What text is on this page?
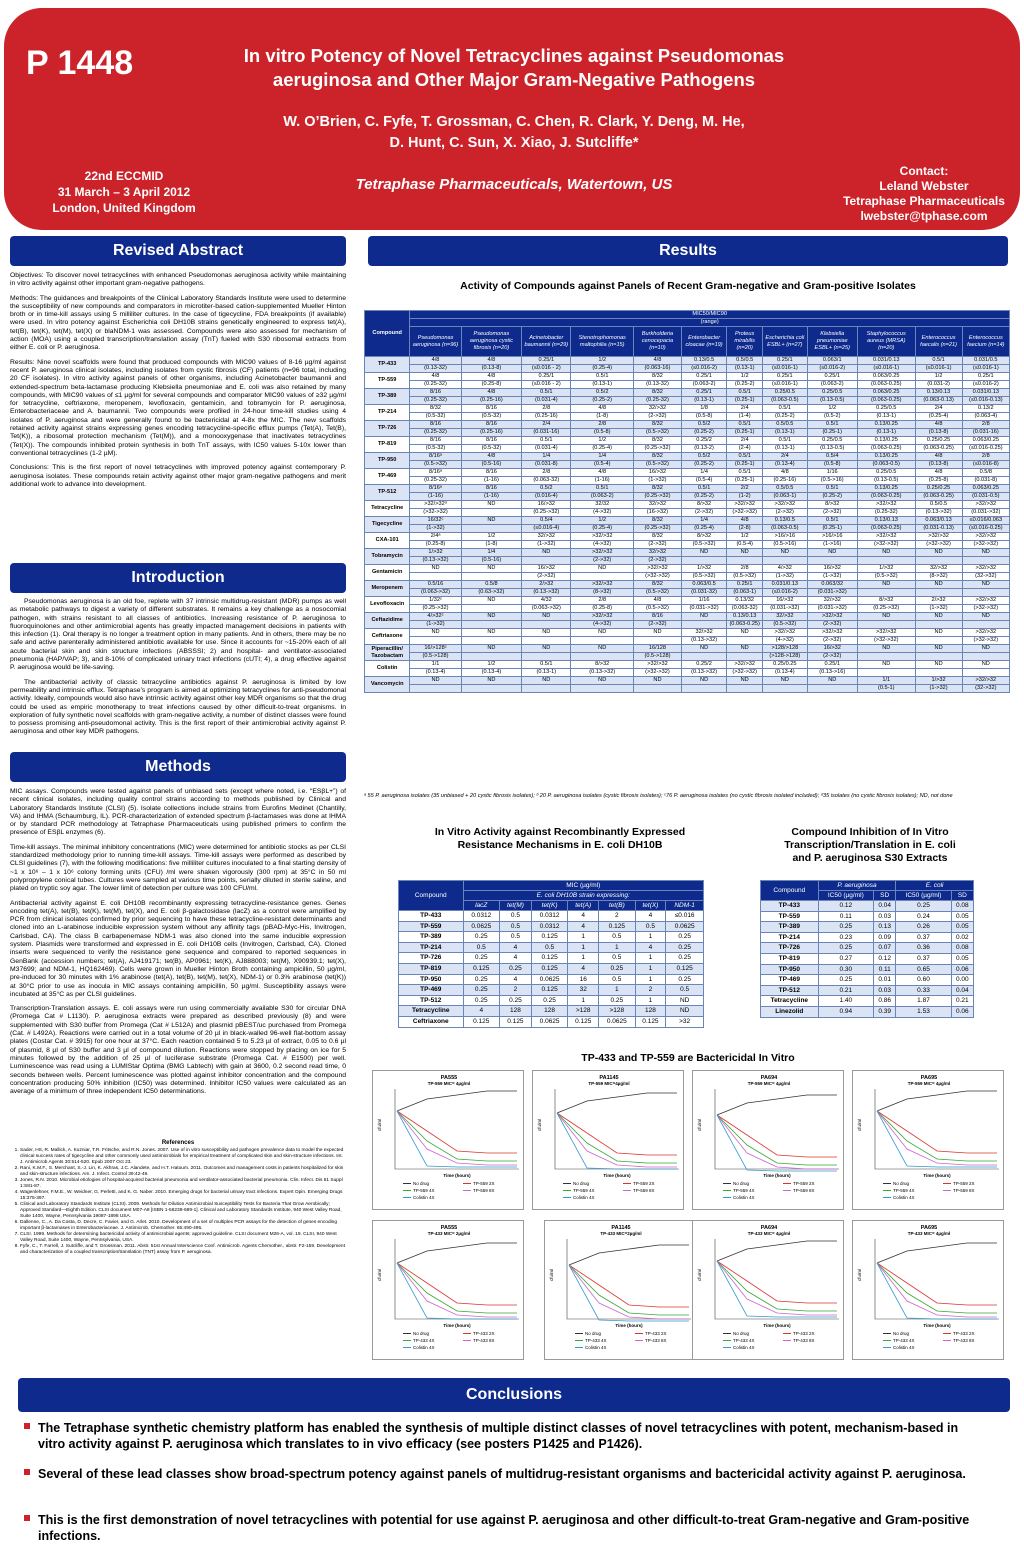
P 1448	In vitro Potency of Novel Tetracyclines against Pseudomonas
aeruginosa and Other Major Gram-Negative Pathogens
W. O’Brien, C. Fyfe, T. Grossman, C. Chen, R. Clark, Y. Deng, M. He,
D. Hunt, C. Sun, X. Xiao, J. Sutcliffe*
22nd ECCMID
31 March – 3 April 2012
London, United Kingdom
Tetraphase Pharmaceuticals, Watertown, US
Contact:
Leland Webster
Tetraphase Pharmaceuticals
lwebster@tphase.com
Revised Abstract

Objectives: To discover novel tetracyclines with enhanced Pseudomonas aeruginosa activity while maintaining in vitro activity against other important gram-negative pathogens.

Methods: The guidances and breakpoints of the Clinical Laboratory Standards Institute were used to determine the susceptibility of new compounds and comparators in microtiter-based cation-supplemented Mueller Hinton broth or in time-kill assays using 5 milliliter cultures. In the case of tigecycline, FDA breakpoints (if available) were used. In vitro potency against Escherichia coli DH10B strains genetically engineered to express tet(A), tet(B), tet(K), tet(M), tet(X) or blaNDM-1 was assessed. Compounds were also assessed for mechanism of action (MOA) using a coupled transcription/translation assay (TnT) fueled with S30 ribosomal extracts from either E. coli or P. aeruginosa.

Results: Nine novel scaffolds were found that produced compounds with MIC90 values of 8-16 µg/ml against recent P. aeruginosa clinical isolates, including isolates from cystic fibrosis (CF) patients (n=96 total, including 20 CF isolates). In vitro activity against panels of other organisms, including Acinetobacter baumannii and extended-spectrum beta-lactamase producing Klebsiella pneumoniae and E. coli was also retained by many compounds, with MIC90 values of ≤1 µg/ml for several compounds and comparator MIC90 values of ≥32 µg/ml for tetracycline, ceftriaxone, meropenem, levofloxacin, gentamicin, and tobramycin for P. aeruginosa, Enterobacteriaceae and A. baumannii. Two compounds were profiled in 24-hour time-kill studies using 4 isolates of P. aeruginosa and were generally found to be bactericidal at 4-8x the MIC. The new scaffolds retained activity against strains expressing genes encoding tetracycline-specific efflux pumps (Tet(A), Tet(B), Tet(K)), a ribosomal protection mechanism (Tet(M)), and a monooxygenase that inactivates tetracyclines (Tet(X)). The compounds inhibited protein synthesis in both TnT assays, with IC50 values 5-10x lower than conventional tetracyclines (1-2 µM).

Conclusions: This is the first report of novel tetracyclines with improved potency against contemporary P. aeruginosa isolates. These compounds retain activity against other major gram-negative pathogens and merit additional work to advance into development.

Introduction

Pseudomonas aeruginosa is an old foe, replete with 37 intrinsic multidrug-resistant (MDR) pumps as well as metabolic pathways to digest a variety of different substrates. It remains a key challenge as a nosocomial pathogen, with strains resistant to all classes of antibiotics. Increasing resistance of P. aeruginosa to fluoroquinolones and other antimicrobial agents has greatly impacted management decisions in patients with this infection (1). Oral therapy is no longer a treatment option in many patients. And in others, there may be no safe and active parenterally administered antibiotic available for use. Since it accounts for ~15-20% each of all acute bacterial skin and skin structure infections (ABSSSI; 2) and hospital- and ventilator-associated pneumonia (HAP/VAP; 3), and 8-10% of complicated urinary tract infections (cUTI; 4), a drug effective against P. aeruginosa would be life-saving.

The antibacterial activity of classic tetracycline antibiotics against P. aeruginosa is limited by low permeability and intrinsic efflux. Tetraphase’s program is aimed at optimizing tetracyclines for anti-pseudomonal activity. Ideally, compounds would also have intrinsic activity against other key MDR organisms so that the drug could be used as empiric monotherapy to treat infections caused by other difficult-to-treat organisms. In exploration of fully synthetic novel scaffolds with gram-negative activity, a number of distinct classes were found to possess promising anti-pseudomonal activity. This is the first report of their antimicrobial activity against P. aeruginosa and other key MDR pathogens.

Methods

MIC assays. Compounds were tested against panels of unbiased sets (except where noted, i.e. “ESβL+”) of recent clinical isolates, including quality control strains according to methods published by Clinical and Laboratory Standards Institute (CLSI) (5). Isolate collections include strains from Eurofins Medinet (Chantilly, VA) and IHMA (Schaumburg, IL). PCR-characterization of extended spectrum β-lactamases was done at IHMA or by standard PCR methodology at Tetraphase Pharmaceuticals using published primers to confirm the presence of ESβL enzymes (6).

Time-kill assays. The minimal inhibitory concentrations (MIC) were determined for antibiotic stocks as per CLSI standardized methodology prior to running time-kill assays. Time-kill assays were performed as described by CLSI guidelines (7), with the following modifications: five milliliter cultures inoculated to a final starting density of ~1 x 10⁶ – 1 x 10⁶ colony forming units (CFU) /ml were shaken vigorously (300 rpm) at 35°C in 50 ml polypropylene conical tubes. Cultures were sampled at various time points, serially diluted in sterile saline, and plated on tryptic soy agar. The lower limit of detection per culture was 100 CFU/ml.

Antibacterial activity against E. coli DH10B recombinantly expressing tetracycline-resistance genes. Genes encoding tet(A), tet(B), tet(K), tet(M), tet(X), and E. coli β-galactosidase (lacZ) as a control were amplified by PCR from clinical isolates confirmed by prior sequencing to have these tetracycline-resistant determinants and cloned into an L-arabinose inducible expression system without any affinity tags (pBAD-Myc-His, Invitrogen, Carlsbad, CA). The class B carbapenemase NDM-1 was also cloned into the same inducible expression system. Plasmids were transformed and expressed in E. coli DH10B cells (Invitrogen, Carlsbad, CA). Cloned inserts were sequenced to verify the resistance gene sequence and compared to reported sequences in GenBank (accession numbers; tet(A), AJ419171; tet(B), AP0961; tet(K), AJ888003; tet(M), X90939.1; tet(X), M37699; and NDM-1, HQ162469). Cells were grown in Mueller Hinton Broth containing ampicillin, 50 µg/ml, pre-induced for 30 minutes with 1% arabinose (tet(A), tet(B), tet(M), tet(X), NDM-1) or 0.3% arabinose (tet(K)) at 30°C prior to use as inocula in MIC assays containing ampicillin, 50 µg/ml. Susceptibility assays were incubated at 35°C as per CLSI guidelines.

Transcription-Translation assays. E. coli assays were run using commercially available S30 for circular DNA (Promega Cat # L1130). P. aeruginosa extracts were prepared as described previously (8) and were supplemented with S30 buffer from Promega (Cat # L512A) and plasmid pBEST/uc purchased from Promega (Cat. # L492A). Reactions were carried out in a total volume of 20 µl in black-walled 96-well flat-bottom assay plates (Costar Cat. # 3915) for one hour at 37°C. Each reaction contained 5 to 5.23 µl of extract, 0.05 to 0.6 µl of plasmid, 8 µl of S30 buffer and 3 µl of compound dilution. Reactions were stopped by placing on ice for 5 minutes followed by the addition of 25 µl of luciferase substrate (Promega Cat. # E1500) per well. Luminescence was read using a LUMIStar Optima (BMG Labtech) with gain at 3600, 0.2 second read time, 0 seconds between wells. Percent luminescence was plotted against inhibitor concentration and the compound concentration producing 50% inhibition (IC50) was determined. Inhibitor IC50 values were calculated as an average of a minimum of three independent IC50 determinations.

References
1. Sader, HS, R. Mallick, A. Kuzniar, T.R. Fritsche, and R.N. Jones. 2007. Use of in vitro susceptibility and pathogen prevalence data to model the expected clinical success rates of tigecycline and other commonly used antimicrobials for empirical treatment of complicated skin and skin-structure infections. Int. J. Antimicrob Agents 30:514-520. Epub 2007 Oct 23.
2. Rani, K.M.F., S. Merchant, S.-J. Lin, K. Akhras, J.C. Alandete, and H.T. Hatoum. 2011. Outcomes and management costs in patients hospitalized for skin and skin-structure infections. Am. J. Infect. Control 39:42-49.
3. Jones, R.N. 2010. Microbial etiologies of hospital-acquired bacterial pneumonia and ventilator-associated bacterial pneumonia. Clin. Infect. Dis 51 Suppl 1:S81-87.
4. Wagenlehner, F.M.E., W. Weidner, G. Perletti, and K. G. Naber. 2010. Emerging drugs for bacterial urinary tract infections. Expert Opin. Emerging Drugs 15:375-397.
5. Clinical and Laboratory Standards Institute (CLSI). 2009. Methods for Dilution Antimicrobial Susceptibility Tests for Bacteria That Grow Aerobically; Approved Standard—Eighth Edition. CLSI document M07-A8 [ISBN 1-56238-689-1]. Clinical and Laboratory Standards Institute, 940 West Valley Road, Suite 1400, Wayne, Pennsylvania 19087-1898 USA.
6. Dallenne, C., A. Da Costa, D. Decre, C. Favier, and G. Arlet. 2010. Development of a set of multiplex PCR assays for the detection of genes encoding important β-lactamases in Enterobacteriaceae. J. Antimicrob. Chemother. 65:490-495.
7. CLSI. 1999. Methods for determining bactericidal activity of antimicrobial agents; approved guideline. CLSI document M26-A, vol. 19. CLSI, 940 West Valley Road, Suite 1400, Wayne, Pennsylvania, USA.
8. Fyfe, C., T. Farrell, J. Sutcliffe, and T. Grossman. 2011. Abstr. 51st Annual Interscience Conf. Antimicrob. Agents Chemother., abstr. F2-159. Development and characterization of a coupled transcription/translation (TNT) assay from P. aeruginosa.
Results
Activity of Compounds against Panels of Recent Gram-negative and Gram-positive Isolates
Compound	MIC50/MIC90											
	(range)											
	Pseudomonas aeruginosa (n=96)	Pseudomonas aeruginosa cystic fibrosis (n=20)	Acinetobacter baumannii (n=29)	Stenotrophomonas maltophilia (n=15)	Burkholderia cenocepacia (n=10)	Enterobacter cloacae (n=19)	Proteus mirabilis (n=20)	Escherichia coli ESBL+ (n=27)	Klebsiella pneumoniae ESBL+ (n=25)	Staphylococcus aureus (MRSA) (n=20)	Enterococcus faecalis (n=21)	Enterococcus faecium (n=14)
TP-433	4/8	4/8	0.25/1	1/2	4/8	0.13/0.5	0.5/0.5	0.25/1	0.063/1	0.031/0.13	0.5/1	0.031/0.5
	(0.13-32)	(0.13-8)	(≤0.016 - 2)	(0.25-4)	(0.063-16)	(≤0.016-2)	(0.13-1)	(≤0.016-1)	(≤0.016-2)	(≤0.016-1)	(≤0.016-1)	(≤0.016-1)
TP-559	4/8	4/8	0.25/1	0.5/1	8/32	0.25/1	1/2	0.25/1	0.25/1	0.063/0.25	1/2	0.25/1
	(0.25-32)	(0.25-8)	(≤0.016 - 2)	(0.13-1)	(0.13-32)	(0.063-2)	(0.25-2)	(≤0.016-1)	(0.063-2)	(0.063-0.25)	(0.031-2)	(≤0.016-2)
TP-389	8/16	4/8	0.5/1	0.5/2	8/32	0.25/1	0.5/1	0.25/0.5	0.25/0.5	0.063/0.25	0.13/0.13	0.031/0.13
	(0.25-32)	(0.25-16)	(0.031-4)	(0.25-2)	(0.25-32)	(0.13-1)	(0.25-1)	(0.063-0.5)	(0.13-0.5)	(0.063-0.25)	(0.063-0.13)	(≤0.016-0.13)
TP-214	8/32	8/16	2/8	4/8	32/>32	1/8	2/4	0.5/1	1/2	0.25/0.5	2/4	0.13/2
	(0.5-32)	(0.5-32)	(0.25-16)	(1-8)	(2->32)	(0.5-8)	(1-4)	(0.25-2)	(0.5-2)	(0.13-1)	(0.25-4)	(0.063-4)
TP-726	8/16	8/16	2/4	2/8	8/32	0.5/2	0.5/1	0.5/0.5	0.5/1	0.13/0.25	4/8	2/8
	(0.25-32)	(0.25-16)	(0.031-16)	(0.5-8)	(0.5->32)	(0.25-2)	(0.25-1)	(0.13-1)	(0.25-1)	(0.13-1)	(0.13-8)	(0.031-16)
TP-819	8/16	8/16	0.5/1	1/2	8/32	0.25/2	2/4	0.5/1	0.25/0.5	0.13/0.25	0.25/0.25	0.063/0.25
	(0.5-32)	(0.5-32)	(0.031-4)	(0.25-4)	(0.25->32)	(0.13-2)	(2-4)	(0.13-1)	(0.13-0.5)	(0.063-0.25)	(0.063-0.25)	(≤0.016-0.25)
TP-950	8/16ᵃ	4/8	1/4	1/4	8/32	0.5/2	0.5/1	2/4	0.5/4	0.13/0.25	4/8	2/8
	(0.5->32)	(0.5-16)	(0.031-8)	(0.5-4)	(0.5->32)	(0.25-2)	(0.25-1)	(0.13-4)	(0.5-8)	(0.063-0.5)	(0.13-8)	(≤0.016-8)
TP-469	8/16ᵃ	8/16	2/8	4/8	16/>32	1/4	0.5/1	4/8	1/16	0.25/0.5	4/8	0.5/8
	(0.25-32)	(1-16)	(0.063-32)	(1-16)	(1->32)	(0.5-4)	(0.25-1)	(0.25-16)	(0.5->16)	(0.13-0.5)	(0.25-8)	(0.031-8)
TP-512	8/16ᵃ	8/16	0.5/2	0.5/1	8/32	0.5/1	2/2	0.5/0.5	0.5/1	0.13/0.25	0.25/0.25	0.063/0.25
	(1-16)	(1-16)	(0.016-4)	(0.063-2)	(0.25->32)	(0.25-2)	(1-2)	(0.063-1)	(0.25-2)	(0.063-0.25)	(0.063-0.25)	(0.031-0.5)
Tetracycline	>32/>32ᵈ	ND	16/>32	32/32	32/>32	8/>32	>32/>32	>32/>32	8/>32	>32/>32	0.5/0.5	>32/>32
	(>32->32)		(0.25->32)	(4->32)	(16->32)	(2->32)	(>32->32)	(2->32)	(2->32)	(0.25-32)	(0.13->32)	(0.031->32)
Tigecycline	16/32ᶜ	ND	0.5/4	1/2	8/32	1/4	4/8	0.13/0.5	0.5/1	0.13/0.13	0.063/0.13	≤0.016/0.063
	(1->32)		(≤0.016-4)	(0.25-4)	(0.25->32)	(0.25-4)	(2-8)	(0.063-0.5)	(0.25-1)	(0.063-0.25)	(0.031-0.13)	(≤0.016-0.25)
CXA-101	2/4ᵃ	1/2	32/>32	>32/>32	8/32	8/>32	1/2	>16/>16	>16/>16	>32/>32	>32/>32	>32/>32
	(0.25-8)	(1-8)	(1->32)	(4->32)	(2->32)	(0.5->32)	(0.5-4)	(0.5->16)	(1->16)	(>32->32)	(>32->32)	(>32->32)
Tobramycin	1/>32	1/4	ND	>32/>32	32/>32	ND	ND	ND	ND	ND	ND	ND
	(0.13->32)	(0.5-16)		(2->32)	(2->32)							
Gentamicin	ND	ND	16/>32	ND	>32/>32	1/>32	2/8	4/>32	16/>32	1/>32	32/>32	>32/>32
			(2->32)		(>32->32)	(0.5->32)	(0.5->32)	(1->32)	(1->32)	(0.5->32)	(8->32)	(32->32)
Meropenem	0.5/16	0.5/8	2/>32	>32/>32	8/32	0.063/0.5	0.25/1	0.031/0.13	0.063/32	ND	ND	ND
	(0.063->32)	(0.63->32)	(0.13->32)	(8->32)	(0.5->32)	(0.031-32)	(0.063-1)	(≤0.016-2)	(0.031->32)			
Levofloxacin	1/32ᶜ	ND	4/32	2/8	4/8	1/16	0.13/32	16/>32	32/>32	8/>32	2/>32	>32/>32
	(0.25->32)		(0.063->32)	(0.25-8)	(0.5->32)	(0.031->32)	(0.063-32)	(0.031->32)	(0.031->32)	(0.25->32)	(1->32)	(>32->32)
Ceftazidime	4/>32ᶜ	ND	ND	>32/>32	8/16	ND	0.13/0.13	32/>32	>32/>32	ND	ND	ND
	(1->32)			(4->32)	(2->32)		(0.063-0.25)	(0.5->32)	(2->32)			
Ceftriaxone	ND	ND	ND	ND	ND	32/>32	ND	>32/>32	>32/>32	>32/>32	ND	>32/>32
						(0.13->32)		(4->32)	(2->32)	(>32->32)		(>32->32)
Piperacillin/ Tazobactam	16/>128ᶜ	ND	ND	ND	16/128	ND	ND	>128/>128	16/>32	ND	ND	ND
	(0.5->128)				(0.5->128)			(>128->128)	(2->32)			
Colistin	1/1	1/2	0.5/1	8/>32	>32/>32	0.25/2	>32/>32	0.25/0.25	0.25/1	ND	ND	ND
	(0.13-4)	(0.13-4)	(0.13-1)	(0.13->32)	(>32->32)	(0.13->32)	(>32->32)	(0.13-4)	(0.13->16)			
Vancomycin	ND	ND	ND	ND	ND	ND	ND	ND	ND	1/1	1/>32	>32/>32
										(0.5-1)	(1->32)	(32->32)
ᵃ 55 P. aeruginosa isolates (35 unbiased + 20 cystic fibrosis isolates); ᵇ 20 P. aeruginosa isolates (cystic fibrosis isolates); ᶜ76 P. aeruginosa isolates (no cystic fibrosis isolated included); ᵈ35 isolates (no cystic fibrosis isolates); ND, not done
In Vitro Activity against Recombinantly Expressed
Resistance Mechanisms in E. coli DH10B
Compound	MIC (µg/ml)						
	E. coli DH10B strain expressing:						
	lacZ	tet(M)	tet(K)	tet(A)	tet(B)	tet(X)	NDM-1
TP-433	0.0312	0.5	0.0312	4	2	4	≤0.016
TP-559	0.0625	0.5	0.0312	4	0.125	0.5	0.0625
TP-389	0.25	0.5	0.125	1	0.5	1	0.25
TP-214	0.5	4	0.5	1	1	4	0.25
TP-726	0.25	4	0.125	1	0.5	1	0.25
TP-819	0.125	0.25	0.125	4	0.25	1	0.125
TP-950	0.25	4	0.0625	16	0.5	1	0.25
TP-469	0.25	2	0.125	32	1	2	0.5
TP-512	0.25	0.25	0.25	1	0.25	1	ND
Tetracycline	4	128	128	>128	>128	128	ND
Ceftriaxone	0.125	0.125	0.0625	0.125	0.0625	0.125	>32
Compound Inhibition of In Vitro
Transcription/Translation in E. coli
and P. aeruginosa S30 Extracts
Compound	P. aeruginosa		E. coli	
	IC50 (µg/ml)	SD	IC50 (µg/ml)	SD
TP-433	0.12	0.04	0.25	0.08
TP-559	0.11	0.03	0.24	0.05
TP-389	0.25	0.13	0.26	0.05
TP-214	0.23	0.09	0.37	0.02
TP-726	0.25	0.07	0.36	0.08
TP-819	0.27	0.12	0.37	0.05
TP-950	0.30	0.11	0.65	0.06
TP-469	0.25	0.01	0.60	0.00
TP-512	0.21	0.03	0.33	0.04
Tetracycline	1.40	0.86	1.87	0.21
Linezolid	0.94	0.39	1.53	0.06
TP-433 and TP-559 are Bactericidal In Vitro
PA555
TP-559 MIC= 4µg/ml
Time (hours)
cfu/ml
No drug	TP-559 2X
TP-559 4X	TP-559 8X
Colistin 4X
PA1145
TP-559 MIC=4µg/ml
Time (hours)
cfu/ml
No drug	TP-559 2X
TP-559 4X	TP-559 8X
Colistin 4X
PA694
TP-559 MIC= 4µg/ml
Time (hours)
cfu/ml
No drug	TP-559 2X
TP-559 4X	TP-559 8X
Colistin 4X
PA695
TP-559 MIC= 4µg/ml
Time (hours)
cfu/ml
No drug	TP-559 2X
TP-559 4X	TP-559 8X
Colistin 4X
PA555
TP-433 MIC= 2µg/ml
Time (hours)
cfu/ml
No drug	TP-433 2X
TP-433 4X	TP-433 8X
Colistin 4X
PA1145
TP-433 MIC=2µg/ml
Time (hours)
cfu/ml
No drug	TP-433 2X
TP-433 4X	TP-433 8X
Colistin 4X
PA694
TP-433 MIC= 4µg/ml
Time (hours)
cfu/ml
No drug	TP-433 2X
TP-433 4X	TP-433 8X
Colistin 4X
PA695
TP-433 MIC= 4µg/ml
Time (hours)
cfu/ml
No drug	TP-433 2X
TP-433 4X	TP-433 8X
Colistin 4X
Conclusions
The Tetraphase synthetic chemistry platform has enabled the synthesis of multiple distinct classes of novel tetracyclines with potent, mechanism-based in vitro activity against P. aeruginosa which translates to in vivo efficacy (see posters P1425 and P1426).
Several of these lead classes show broad-spectrum potency against panels of multidrug-resistant organisms and bactericidal activity against P. aeruginosa.
This is the first demonstration of novel tetracyclines with potential for use against P. aeruginosa and other difficult-to-treat Gram-negative and Gram-positive infections.
